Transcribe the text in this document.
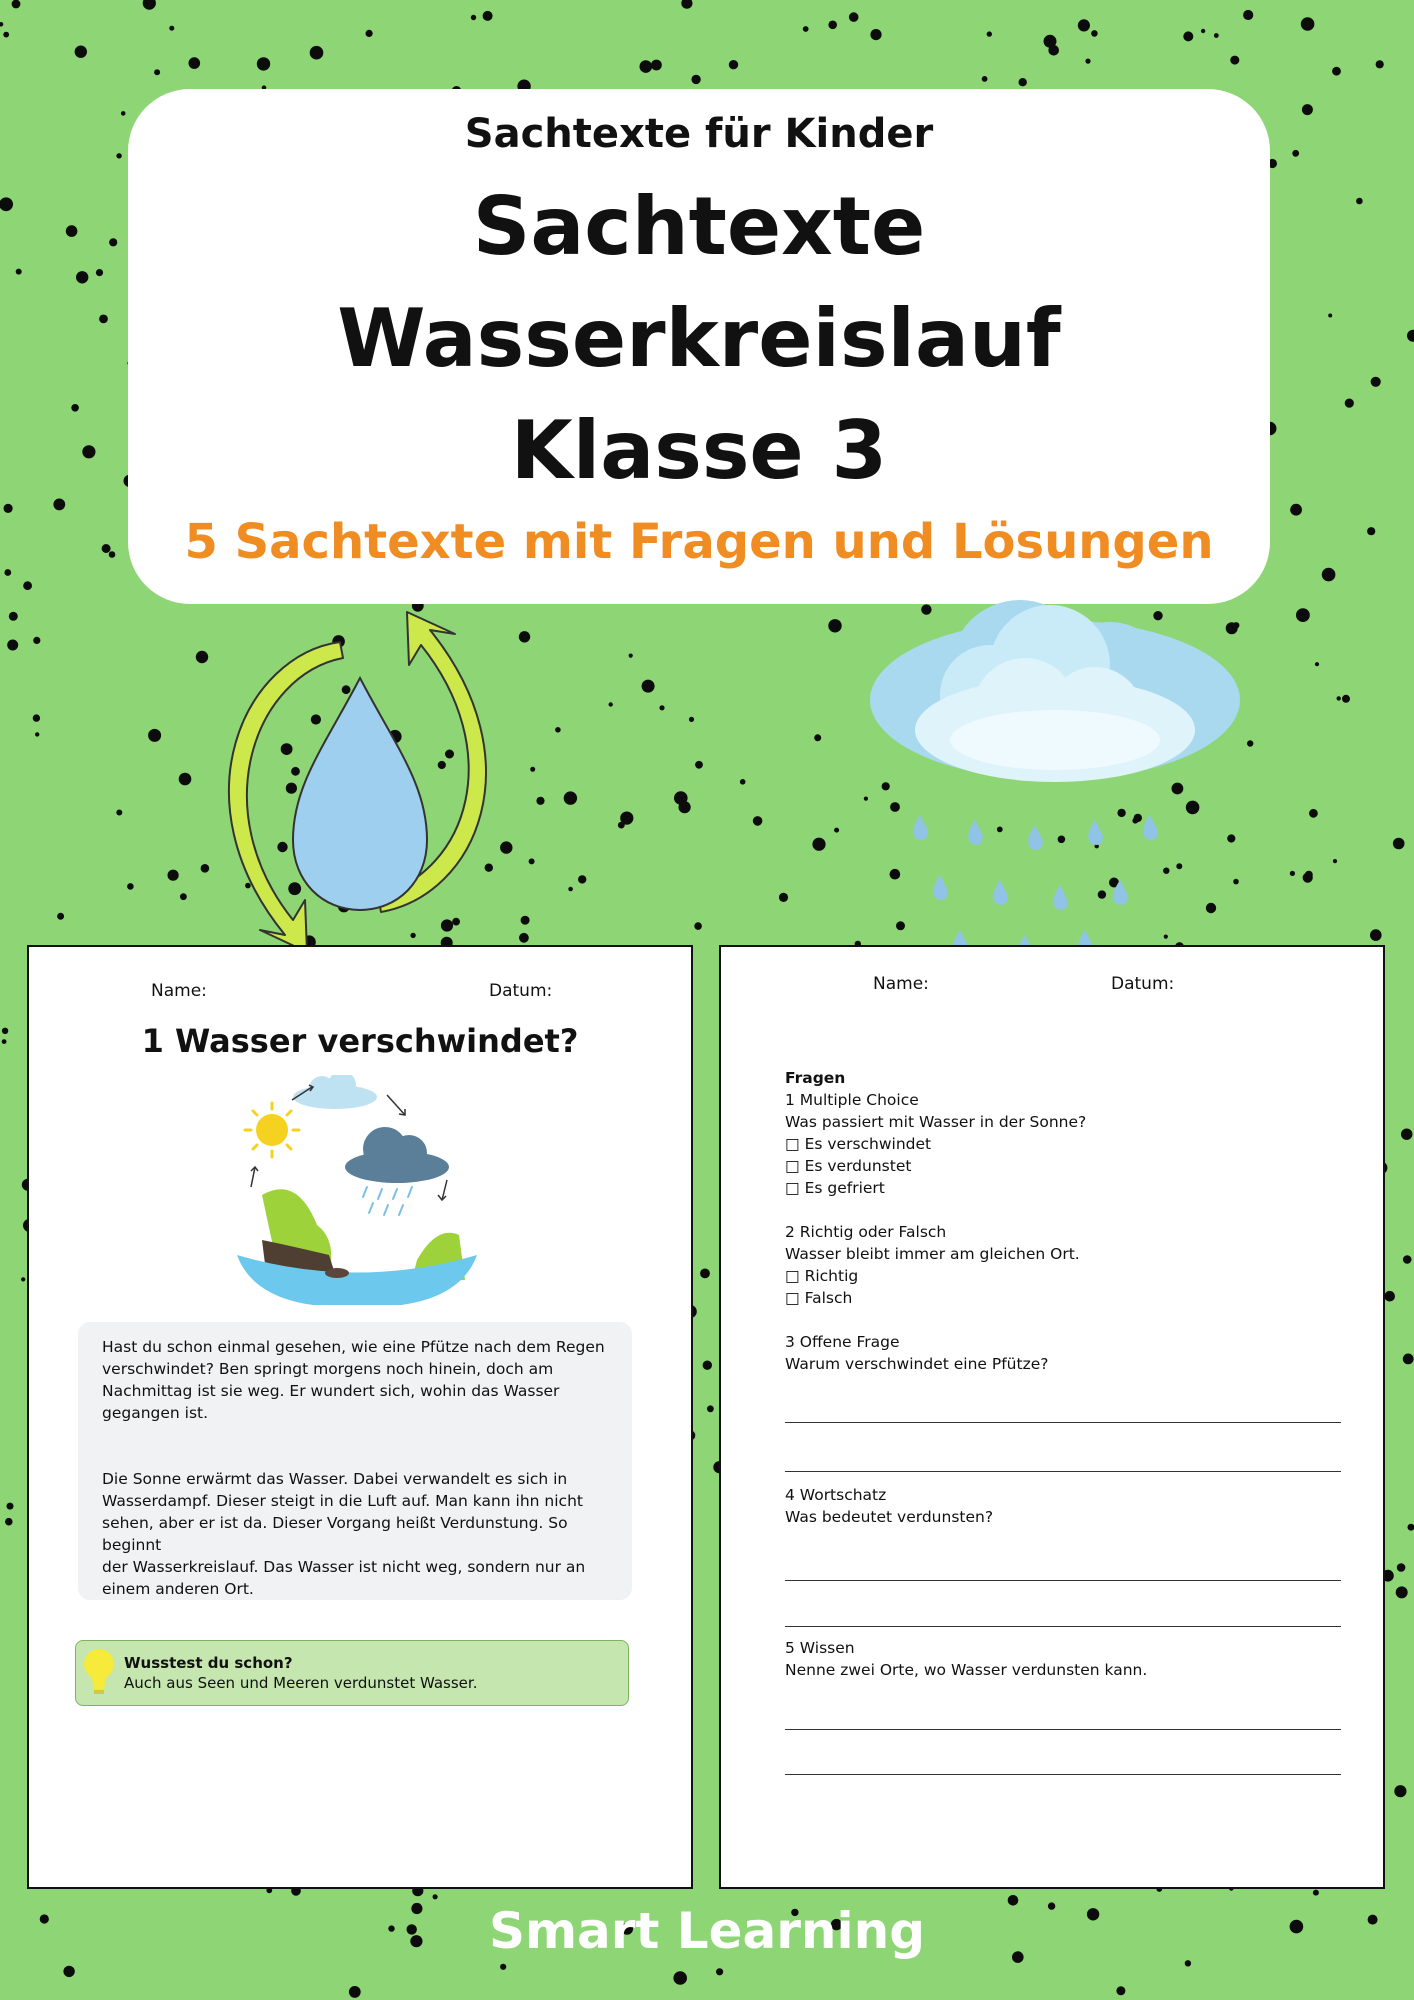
Sachtexte für Kinder
Sachtexte
Wasserkreislauf
Klasse 3
5 Sachtexte mit Fragen und Lösungen
Name:	Datum:
1 Wasser verschwindet?

Hast du schon einmal gesehen, wie eine Pfütze nach dem Regen
verschwindet? Ben springt morgens noch hinein, doch am
Nachmittag ist sie weg. Er wundert sich, wohin das Wasser
gegangen ist.

Die Sonne erwärmt das Wasser. Dabei verwandelt es sich in
Wasserdampf. Dieser steigt in die Luft auf. Man kann ihn nicht
sehen, aber er ist da. Dieser Vorgang heißt Verdunstung. So beginnt
der Wasserkreislauf. Das Wasser ist nicht weg, sondern nur an
einem anderen Ort.

Wusstest du schon?
Auch aus Seen und Meeren verdunstet Wasser.
Name:	Datum:

Fragen

1 Multiple Choice

Was passiert mit Wasser in der Sonne?

□ Es verschwindet

□ Es verdunstet

□ Es gefriert

2 Richtig oder Falsch

Wasser bleibt immer am gleichen Ort.

□ Richtig

□ Falsch

3 Offene Frage

Warum verschwindet eine Pfütze?

4 Wortschatz

Was bedeutet verdunsten?

5 Wissen

Nenne zwei Orte, wo Wasser verdunsten kann.

Smart Learning
